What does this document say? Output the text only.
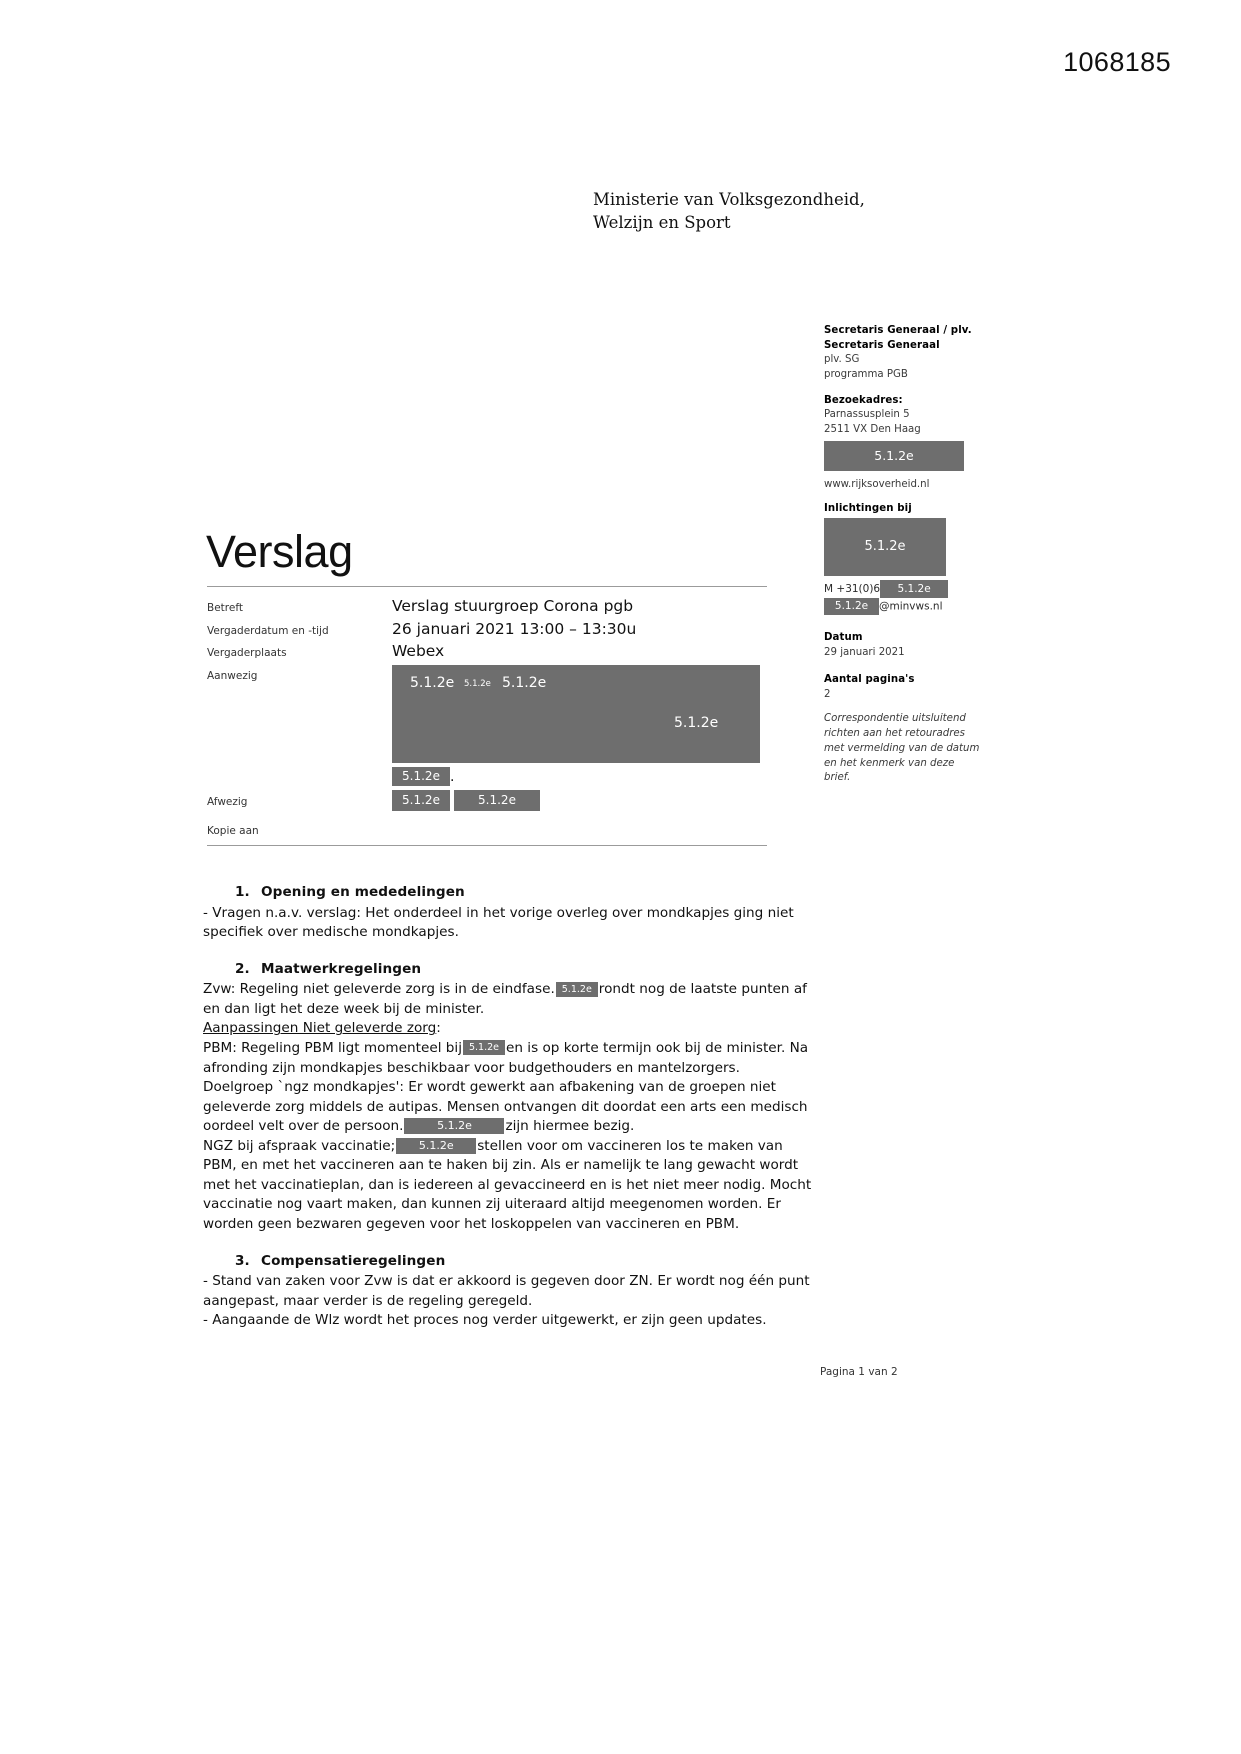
1068185
Ministerie van Volksgezondheid,
Welzijn en Sport
Secretaris Generaal / plv.
Secretaris Generaal
plv. SG
programma PGB
Bezoekadres:
Parnassusplein 5
2511 VX Den Haag
5.1.2e
www.rijksoverheid.nl
Inlichtingen bij
5.1.2e
M +31(0)6 5.1.2e
5.1.2e @minvws.nl
Datum
29 januari 2021
Aantal pagina's
2
Correspondentie uitsluitend
richten aan het retouradres
met vermelding van de datum
en het kenmerk van deze
brief.
Verslag
Betreft	Verslag stuurgroep Corona pgb
Vergaderdatum en -tijd	26 januari 2021 13:00 – 13:30u
Vergaderplaats	Webex
Aanwezig	5.1.2e 5.1.2e 5.1.2e
5.1.2e
5.1.2e .
Afwezig	5.1.2e	5.1.2e
Kopie aan
1. Opening en mededelingen

- Vragen n.a.v. verslag: Het onderdeel in het vorige overleg over mondkapjes ging niet specifiek over medische mondkapjes.

2. Maatwerkregelingen

Zvw: Regeling niet geleverde zorg is in de eindfase. 5.1.2e rondt nog de laatste punten af en dan ligt het deze week bij de minister.

Aanpassingen Niet geleverde zorg:

PBM: Regeling PBM ligt momenteel bij 5.1.2e en is op korte termijn ook bij de minister. Na afronding zijn mondkapjes beschikbaar voor budgethouders en mantelzorgers.

Doelgroep `ngz mondkapjes': Er wordt gewerkt aan afbakening van de groepen niet geleverde zorg middels de autipas. Mensen ontvangen dit doordat een arts een medisch oordeel velt over de persoon.	5.1.2e zijn hiermee bezig.

NGZ bij afspraak vaccinatie; 5.1.2e stellen voor om vaccineren los te maken van PBM, en met het vaccineren aan te haken bij zin. Als er namelijk te lang gewacht wordt met het vaccinatieplan, dan is iedereen al gevaccineerd en is het niet meer nodig. Mocht vaccinatie nog vaart maken, dan kunnen zij uiteraard altijd meegenomen worden. Er worden geen bezwaren gegeven voor het loskoppelen van vaccineren en PBM.

3. Compensatieregelingen

- Stand van zaken voor Zvw is dat er akkoord is gegeven door ZN. Er wordt nog één punt aangepast, maar verder is de regeling geregeld.

- Aangaande de Wlz wordt het proces nog verder uitgewerkt, er zijn geen updates.

Pagina 1 van 2
